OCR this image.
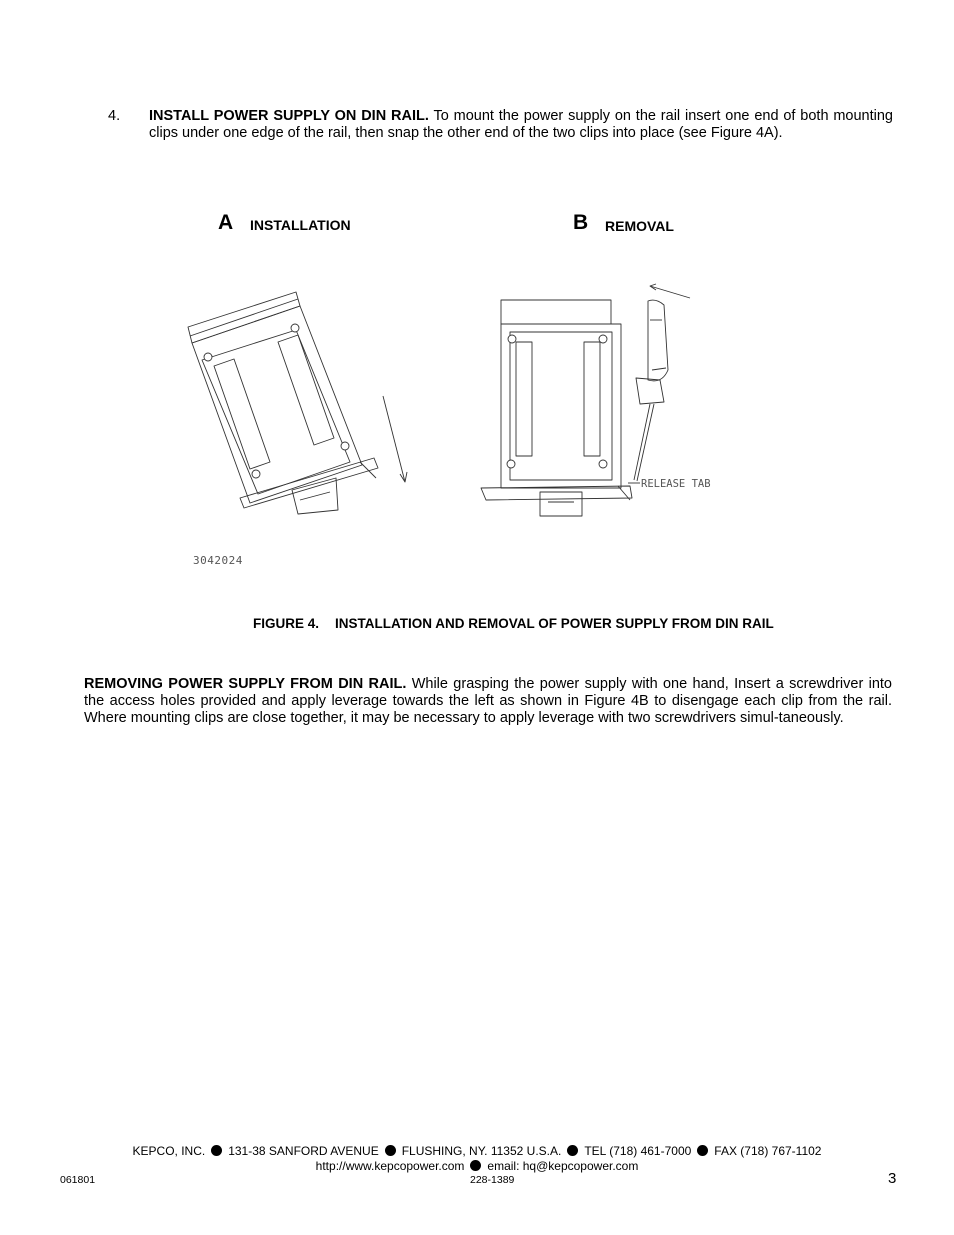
4. INSTALL POWER SUPPLY ON DIN RAIL. To mount the power supply on the rail insert one end of both mounting clips under one edge of the rail, then snap the other end of the two clips into place (see Figure 4A).
A INSTALLATION	B REMOVAL
RELEASE TAB
3042024
FIGURE 4. INSTALLATION AND REMOVAL OF POWER SUPPLY FROM DIN RAIL
REMOVING POWER SUPPLY FROM DIN RAIL. While grasping the power supply with one hand, Insert a screwdriver into the access holes provided and apply leverage towards the left as shown in Figure 4B to disengage each clip from the rail. Where mounting clips are close together, it may be necessary to apply leverage with two screwdrivers simul-taneously.
KEPCO, INC. 131-38 SANFORD AVENUE FLUSHING, NY. 11352 U.S.A. TEL (718) 461-7000 FAX (718) 767-1102
http://www.kepcopower.com email: hq@kepcopower.com
061801	228-1389	3
